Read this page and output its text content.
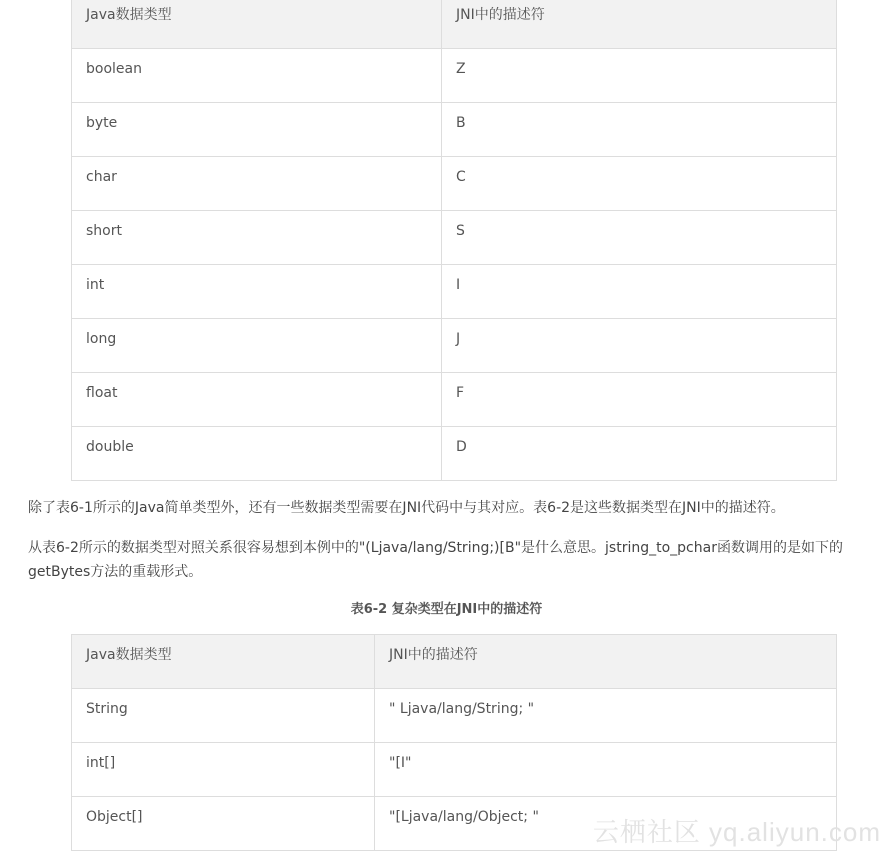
Java数据类型	JNI中的描述符
boolean	Z
byte	B
char	C
short	S
int	I
long	J
float	F
double	D

除了表6-1所示的Java简单类型外，还有一些数据类型需要在JNI代码中与其对应。表6-2是这些数据类型在JNI中的描述符。

从表6-2所示的数据类型对照关系很容易想到本例中的"(Ljava/lang/String;)[B"是什么意思。jstring_to_pchar函数调用的是如下的getBytes方法的重载形式。

表6-2 复杂类型在JNI中的描述符
Java数据类型	JNI中的描述符
String	" Ljava/lang/String; "
int[]	"[I"
Object[]	"[Ljava/lang/Object; " 云栖社区 yq.aliyun.com
